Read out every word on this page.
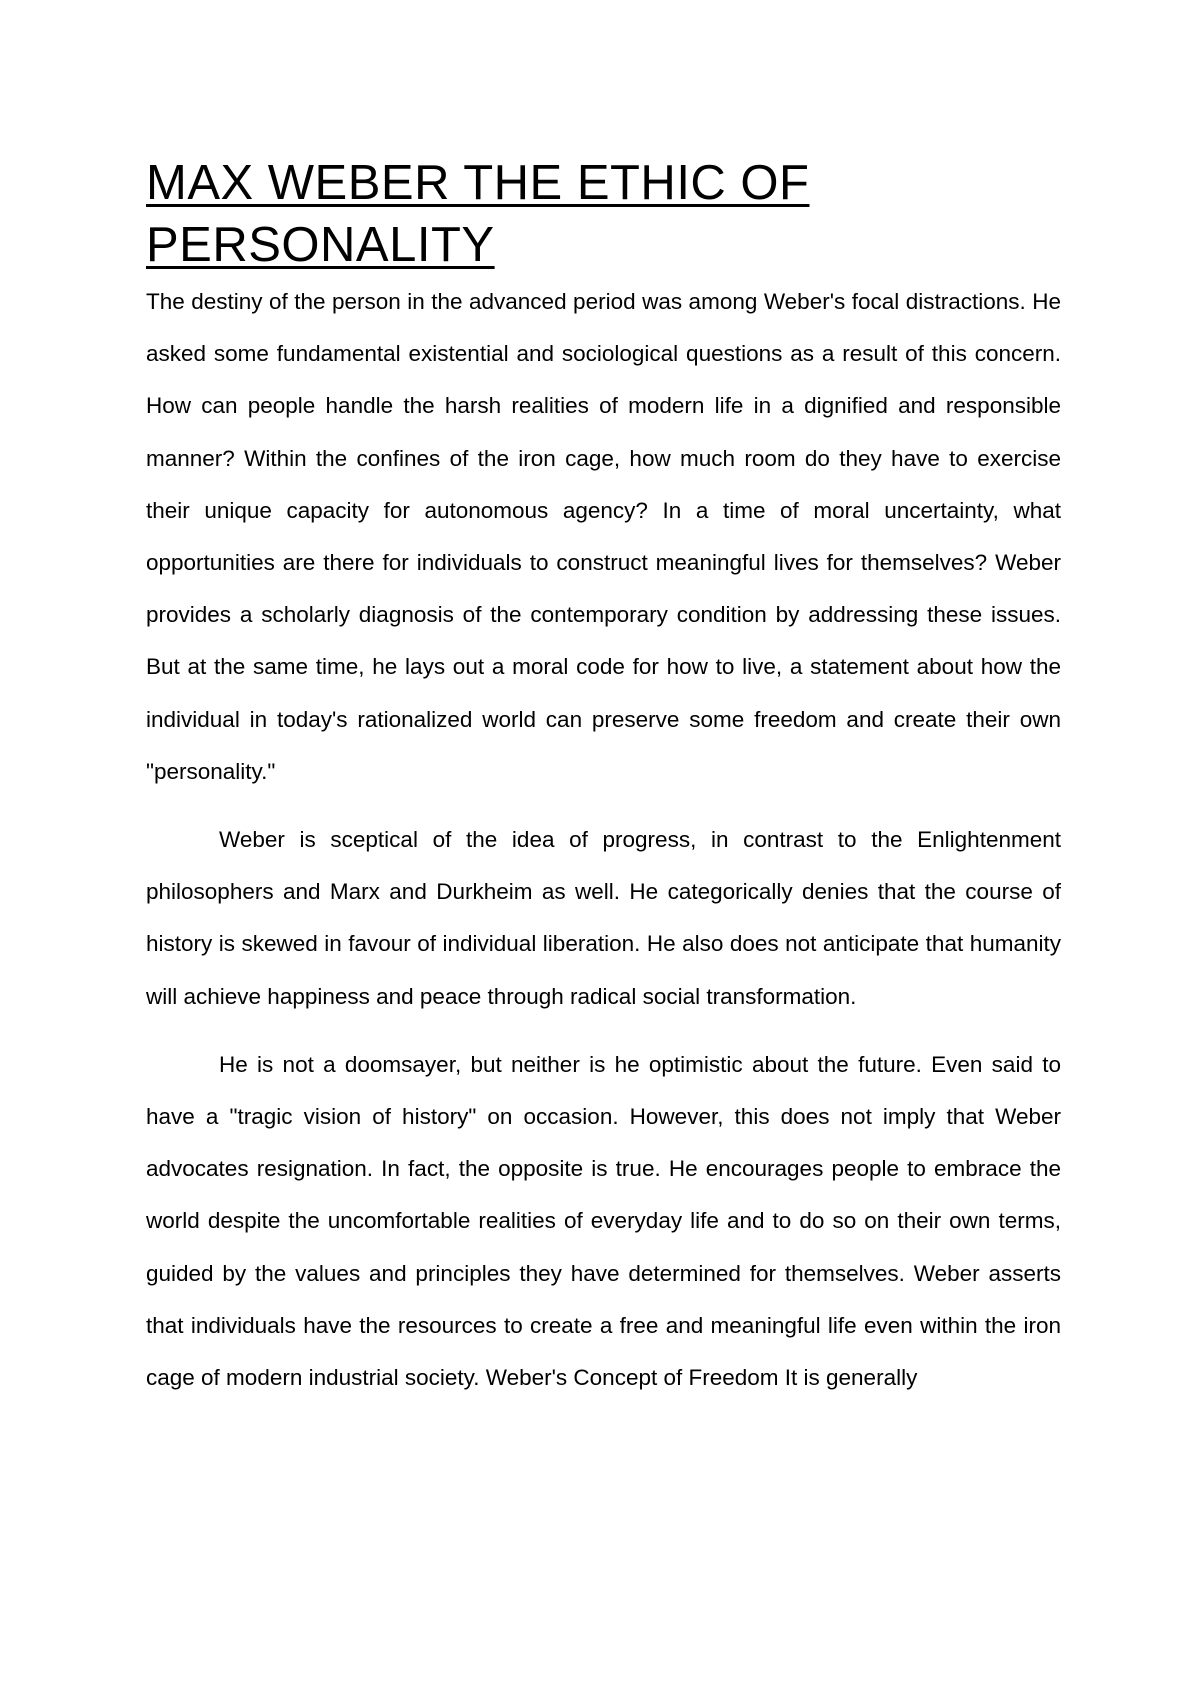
MAX WEBER THE ETHIC OF PERSONALITY

The destiny of the person in the advanced period was among Weber's focal distractions. He asked some fundamental existential and sociological questions as a result of this concern. How can people handle the harsh realities of modern life in a dignified and responsible manner? Within the confines of the iron cage, how much room do they have to exercise their unique capacity for autonomous agency? In a time of moral uncertainty, what opportunities are there for individuals to construct meaningful lives for themselves? Weber provides a scholarly diagnosis of the contemporary condition by addressing these issues. But at the same time, he lays out a moral code for how to live, a statement about how the individual in today's rationalized world can preserve some freedom and create their own "personality."

Weber is sceptical of the idea of progress, in contrast to the Enlightenment philosophers and Marx and Durkheim as well. He categorically denies that the course of history is skewed in favour of individual liberation. He also does not anticipate that humanity will achieve happiness and peace through radical social transformation.

He is not a doomsayer, but neither is he optimistic about the future. Even said to have a "tragic vision of history" on occasion. However, this does not imply that Weber advocates resignation. In fact, the opposite is true. He encourages people to embrace the world despite the uncomfortable realities of everyday life and to do so on their own terms, guided by the values and principles they have determined for themselves. Weber asserts that individuals have the resources to create a free and meaningful life even within the iron cage of modern industrial society. Weber's Concept of Freedom It is generally
